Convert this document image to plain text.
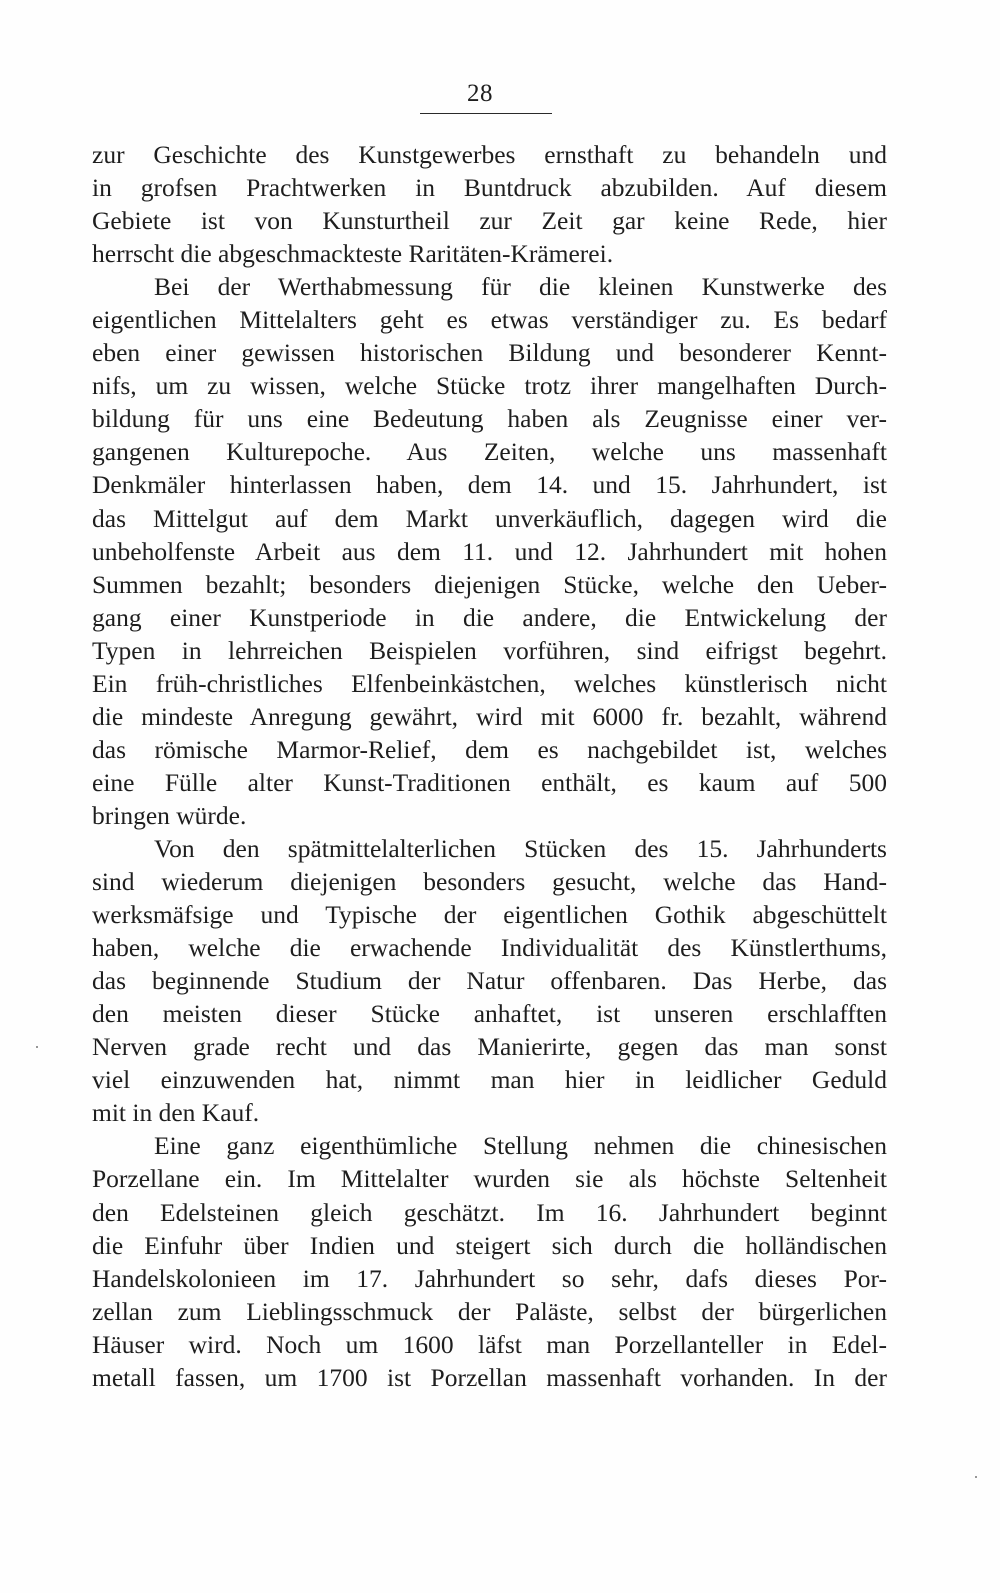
28
zur Geschichte des Kunstgewerbes ernsthaft zu behandeln und
in grofsen Prachtwerken in Buntdruck abzubilden. Auf diesem
Gebiete ist von Kunsturtheil zur Zeit gar keine Rede, hier
herrscht die abgeschmackteste Raritäten-Krämerei.
Bei der Werthabmessung für die kleinen Kunstwerke des
eigentlichen Mittelalters geht es etwas verständiger zu. Es bedarf
eben einer gewissen historischen Bildung und besonderer Kennt-
nifs, um zu wissen, welche Stücke trotz ihrer mangelhaften Durch-
bildung für uns eine Bedeutung haben als Zeugnisse einer ver-
gangenen Kulturepoche. Aus Zeiten, welche uns massenhaft
Denkmäler hinterlassen haben, dem 14. und 15. Jahrhundert, ist
das Mittelgut auf dem Markt unverkäuflich, dagegen wird die
unbeholfenste Arbeit aus dem 11. und 12. Jahrhundert mit hohen
Summen bezahlt; besonders diejenigen Stücke, welche den Ueber-
gang einer Kunstperiode in die andere, die Entwickelung der
Typen in lehrreichen Beispielen vorführen, sind eifrigst begehrt.
Ein früh-christliches Elfenbeinkästchen, welches künstlerisch nicht
die mindeste Anregung gewährt, wird mit 6000 fr. bezahlt, während
das römische Marmor-Relief, dem es nachgebildet ist, welches
eine Fülle alter Kunst-Traditionen enthält, es kaum auf 500
bringen würde.
Von den spätmittelalterlichen Stücken des 15. Jahrhunderts
sind wiederum diejenigen besonders gesucht, welche das Hand-
werksmäfsige und Typische der eigentlichen Gothik abgeschüttelt
haben, welche die erwachende Individualität des Künstlerthums,
das beginnende Studium der Natur offenbaren. Das Herbe, das
den meisten dieser Stücke anhaftet, ist unseren erschlafften
Nerven grade recht und das Manierirte, gegen das man sonst
viel einzuwenden hat, nimmt man hier in leidlicher Geduld
mit in den Kauf.
Eine ganz eigenthümliche Stellung nehmen die chinesischen
Porzellane ein. Im Mittelalter wurden sie als höchste Seltenheit
den Edelsteinen gleich geschätzt. Im 16. Jahrhundert beginnt
die Einfuhr über Indien und steigert sich durch die holländischen
Handelskolonieen im 17. Jahrhundert so sehr, dafs dieses Por-
zellan zum Lieblingsschmuck der Paläste, selbst der bürgerlichen
Häuser wird. Noch um 1600 läfst man Porzellanteller in Edel-
metall fassen, um 1700 ist Porzellan massenhaft vorhanden. In der
